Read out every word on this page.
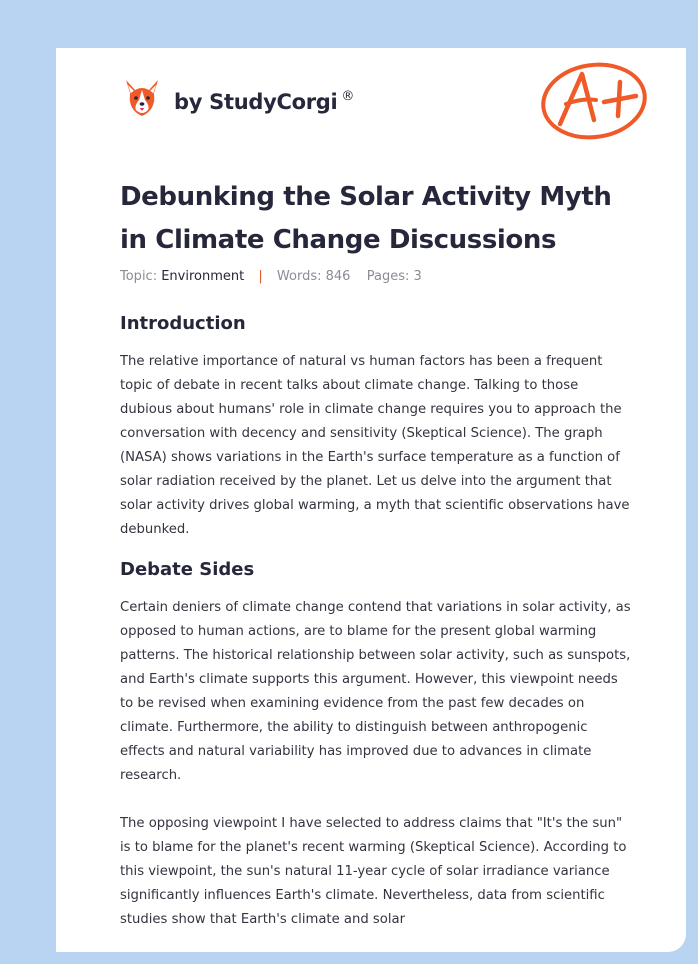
by StudyCorgi ®
Debunking the Solar Activity Myth in Climate Change Discussions
Topic: Environment | Words: 846 Pages: 3
Introduction

The relative importance of natural vs human factors has been a frequent topic of debate in recent talks about climate change. Talking to those dubious about humans' role in climate change requires you to approach the conversation with decency and sensitivity (Skeptical Science). The graph (NASA) shows variations in the Earth's surface temperature as a function of solar radiation received by the planet. Let us delve into the argument that solar activity drives global warming, a myth that scientific observations have debunked.

Debate Sides

Certain deniers of climate change contend that variations in solar activity, as opposed to human actions, are to blame for the present global warming patterns. The historical relationship between solar activity, such as sunspots, and Earth's climate supports this argument. However, this viewpoint needs to be revised when examining evidence from the past few decades on climate. Furthermore, the ability to distinguish between anthropogenic effects and natural variability has improved due to advances in climate research.

The opposing viewpoint I have selected to address claims that "It's the sun" is to blame for the planet's recent warming (Skeptical Science). According to this viewpoint, the sun's natural 11-year cycle of solar irradiance variance significantly influences Earth's climate. Nevertheless, data from scientific studies show that Earth's climate and solar
